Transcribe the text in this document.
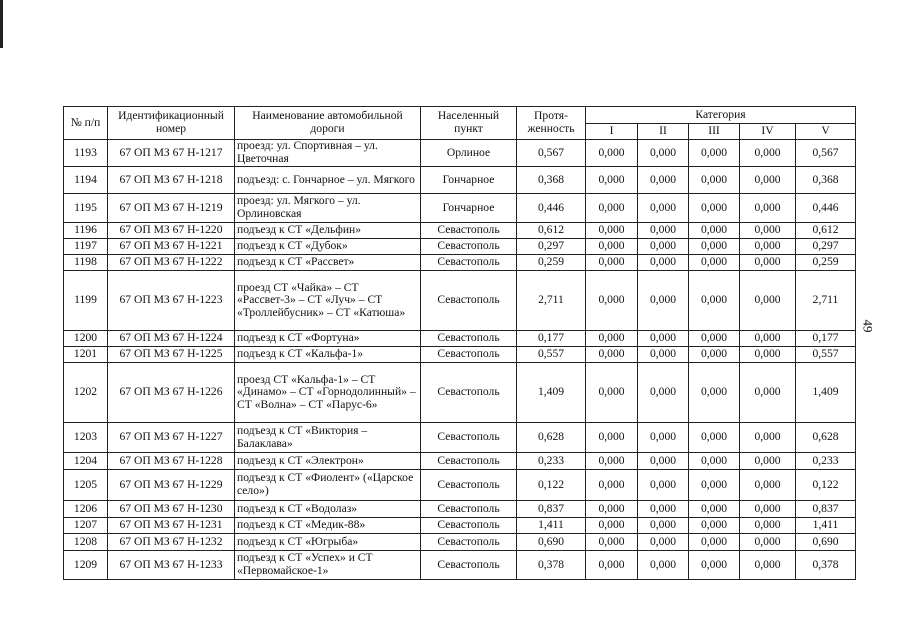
49
№ п/п	Идентификационный номер	Наименование автомобильной дороги	Населенный пункт	Протя-женность	Категория				
					I	II	III	IV	V
1193	67 ОП МЗ 67 Н-1217	проезд: ул. Спортивная – ул. Цветочная	Орлиное	0,567	0,000	0,000	0,000	0,000	0,567
1194	67 ОП МЗ 67 Н-1218	подъезд: с. Гончарное – ул. Мягкого	Гончарное	0,368	0,000	0,000	0,000	0,000	0,368
1195	67 ОП МЗ 67 Н-1219	проезд: ул. Мягкого – ул. Орлиновская	Гончарное	0,446	0,000	0,000	0,000	0,000	0,446
1196	67 ОП МЗ 67 Н-1220	подъезд к СТ «Дельфин»	Севастополь	0,612	0,000	0,000	0,000	0,000	0,612
1197	67 ОП МЗ 67 Н-1221	подъезд к СТ «Дубок»	Севастополь	0,297	0,000	0,000	0,000	0,000	0,297
1198	67 ОП МЗ 67 Н-1222	подъезд к СТ «Рассвет»	Севастополь	0,259	0,000	0,000	0,000	0,000	0,259
1199	67 ОП МЗ 67 Н-1223	проезд СТ «Чайка» – СТ «Рассвет-3» – СТ «Луч» – СТ «Троллейбусник» – СТ «Катюша»	Севастополь	2,711	0,000	0,000	0,000	0,000	2,711
1200	67 ОП МЗ 67 Н-1224	подъезд к СТ «Фортуна»	Севастополь	0,177	0,000	0,000	0,000	0,000	0,177
1201	67 ОП МЗ 67 Н-1225	подъезд к СТ «Кальфа-1»	Севастополь	0,557	0,000	0,000	0,000	0,000	0,557
1202	67 ОП МЗ 67 Н-1226	проезд СТ «Кальфа-1» – СТ «Динамо» – СТ «Горнодолинный» – СТ «Волна» – СТ «Парус-6»	Севастополь	1,409	0,000	0,000	0,000	0,000	1,409
1203	67 ОП МЗ 67 Н-1227	подъезд к СТ «Виктория – Балаклава»	Севастополь	0,628	0,000	0,000	0,000	0,000	0,628
1204	67 ОП МЗ 67 Н-1228	подъезд к СТ «Электрон»	Севастополь	0,233	0,000	0,000	0,000	0,000	0,233
1205	67 ОП МЗ 67 Н-1229	подъезд к СТ «Фиолент» («Царское село»)	Севастополь	0,122	0,000	0,000	0,000	0,000	0,122
1206	67 ОП МЗ 67 Н-1230	подъезд к СТ «Водолаз»	Севастополь	0,837	0,000	0,000	0,000	0,000	0,837
1207	67 ОП МЗ 67 Н-1231	подъезд к СТ «Медик-88»	Севастополь	1,411	0,000	0,000	0,000	0,000	1,411
1208	67 ОП МЗ 67 Н-1232	подъезд к СТ «Югрыба»	Севастополь	0,690	0,000	0,000	0,000	0,000	0,690
1209	67 ОП МЗ 67 Н-1233	подъезд к СТ «Успех» и СТ «Первомайское-1»	Севастополь	0,378	0,000	0,000	0,000	0,000	0,378
